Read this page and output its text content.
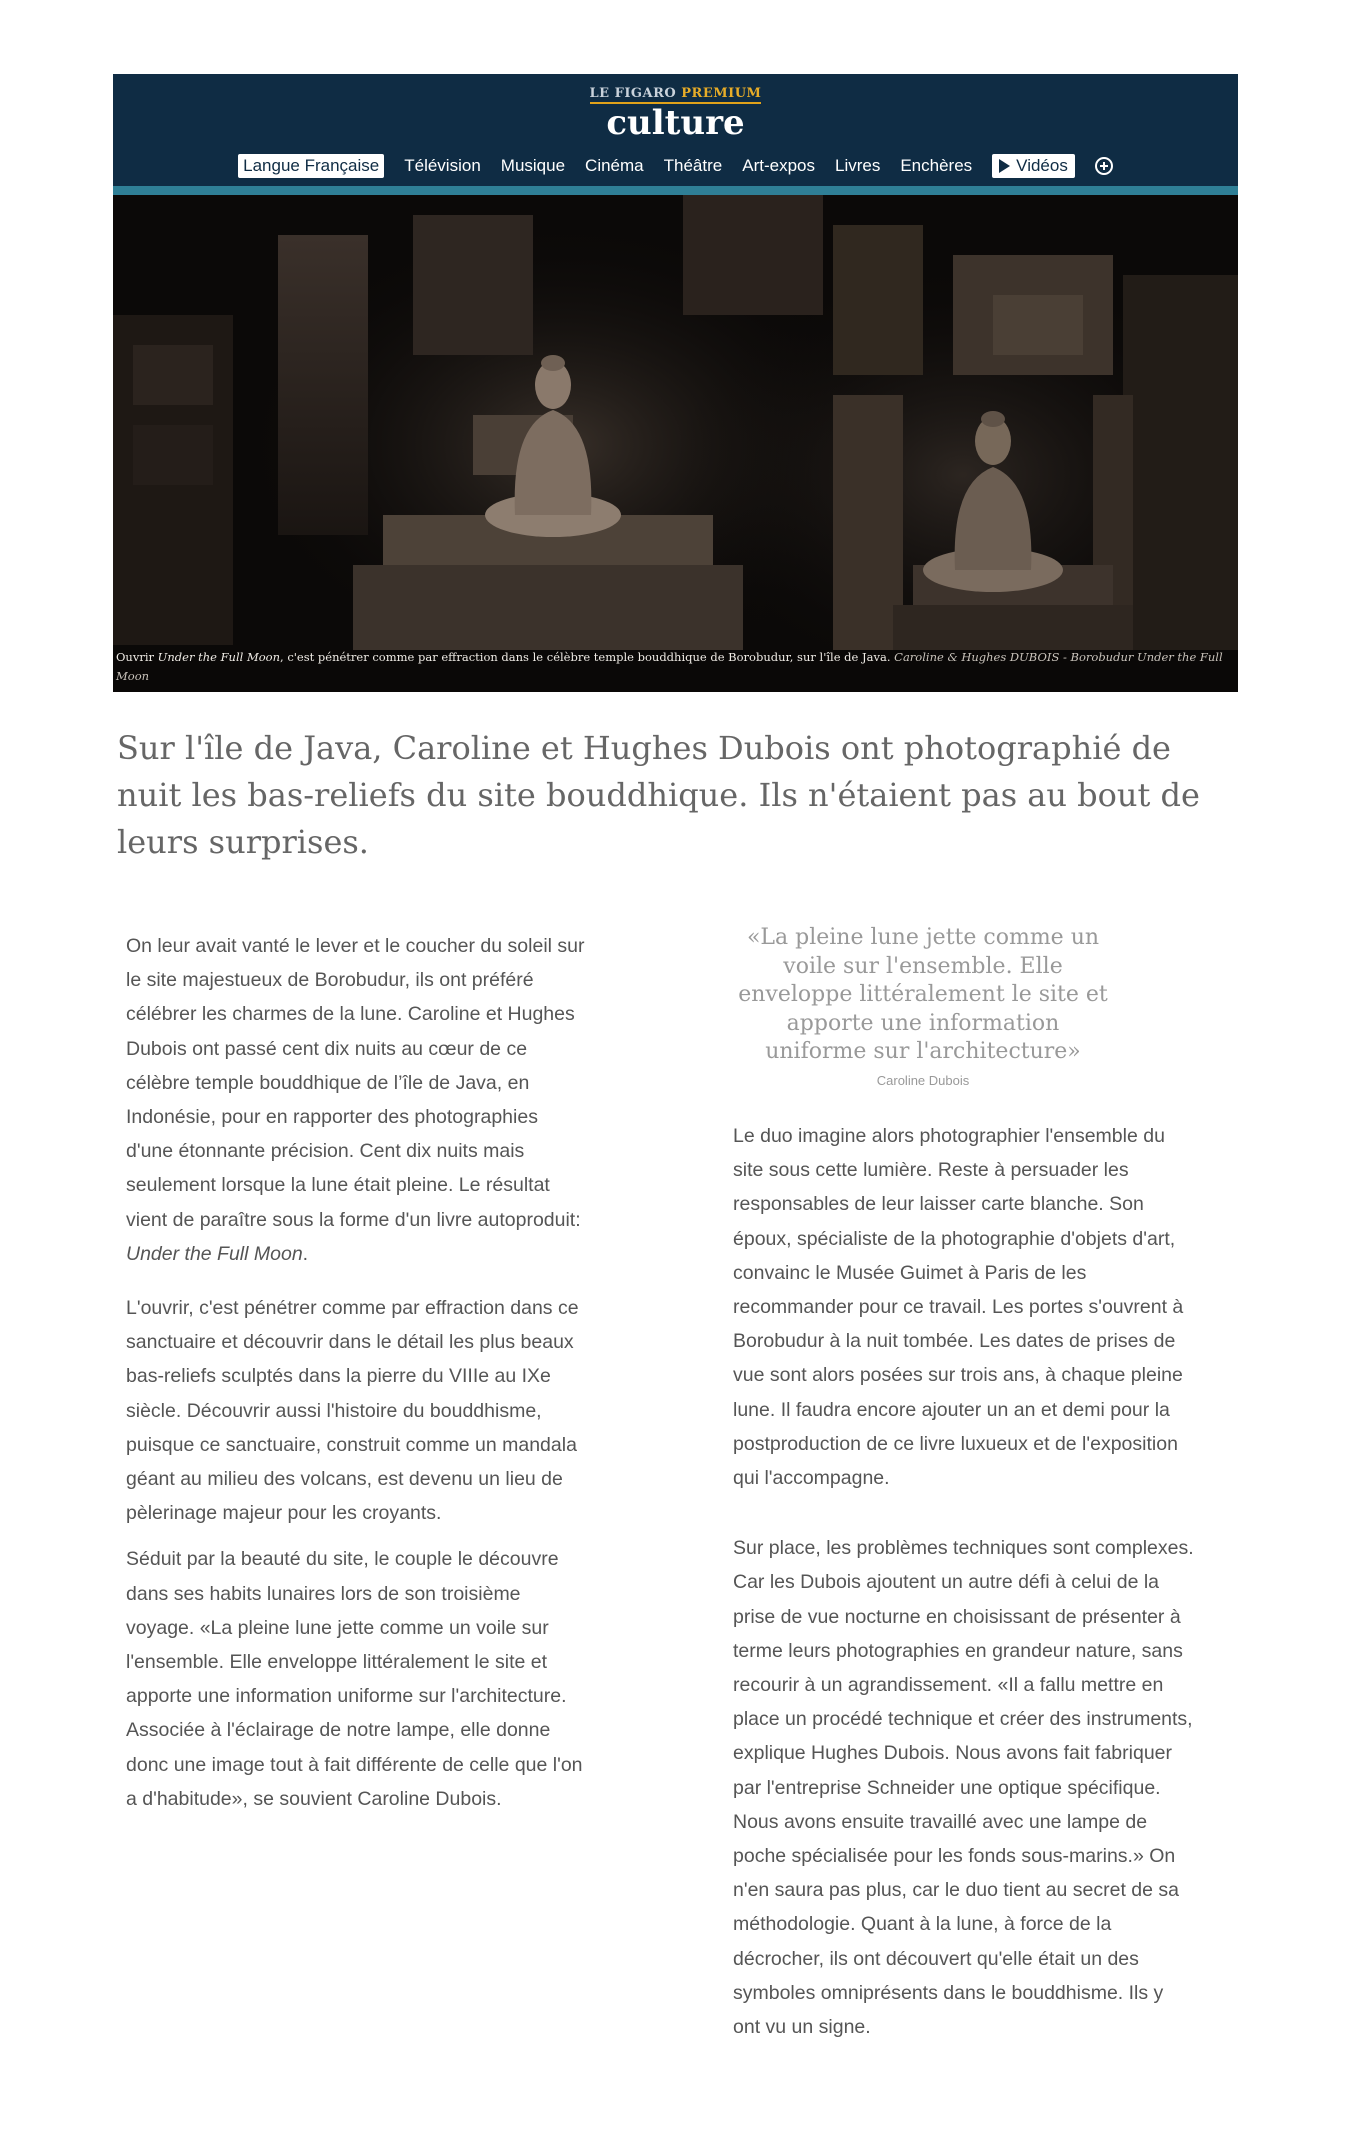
LE FIGARO PREMIUM
culture
Langue Française Télévision Musique Cinéma Théâtre Art-expos Livres Enchères	Vidéos
Ouvrir Under the Full Moon, c'est pénétrer comme par effraction dans le célèbre temple bouddhique de Borobudur, sur l'île de Java. Caroline & Hughes DUBOIS - Borobudur Under the Full Moon
Sur l'île de Java, Caroline et Hughes Dubois ont photographié de nuit les bas-reliefs du site bouddhique. Ils n'étaient pas au bout de leurs surprises.

On leur avait vanté le lever et le coucher du soleil sur le site majestueux de Borobudur, ils ont préféré célébrer les charmes de la lune. Caroline et Hughes Dubois ont passé cent dix nuits au cœur de ce célèbre temple bouddhique de l’île de Java, en Indonésie, pour en rapporter des photographies d'une étonnante précision. Cent dix nuits mais seulement lorsque la lune était pleine. Le résultat vient de paraître sous la forme d'un livre autoproduit: Under the Full Moon.

L'ouvrir, c'est pénétrer comme par effraction dans ce sanctuaire et découvrir dans le détail les plus beaux bas-reliefs sculptés dans la pierre du VIIIe au IXe siècle. Découvrir aussi l'histoire du bouddhisme, puisque ce sanctuaire, construit comme un mandala géant au milieu des volcans, est devenu un lieu de pèlerinage majeur pour les croyants.

Séduit par la beauté du site, le couple le découvre dans ses habits lunaires lors de son troisième voyage. «La pleine lune jette comme un voile sur l'ensemble. Elle enveloppe littéralement le site et apporte une information uniforme sur l'architecture. Associée à l'éclairage de notre lampe, elle donne donc une image tout à fait différente de celle que l'on a d'habitude», se souvient Caroline Dubois.

«La pleine lune jette comme un voile sur l'ensemble. Elle enveloppe littéralement le site et apporte une information uniforme sur l'architecture»
Caroline Dubois

Le duo imagine alors photographier l'ensemble du site sous cette lumière. Reste à persuader les responsables de leur laisser carte blanche. Son époux, spécialiste de la photographie d'objets d'art, convainc le Musée Guimet à Paris de les recommander pour ce travail. Les portes s'ouvrent à Borobudur à la nuit tombée. Les dates de prises de vue sont alors posées sur trois ans, à chaque pleine lune. Il faudra encore ajouter un an et demi pour la postproduction de ce livre luxueux et de l'exposition qui l'accompagne.

Sur place, les problèmes techniques sont complexes. Car les Dubois ajoutent un autre défi à celui de la prise de vue nocturne en choisissant de présenter à terme leurs photographies en grandeur nature, sans recourir à un agrandissement. «Il a fallu mettre en place un procédé technique et créer des instruments, explique Hughes Dubois. Nous avons fait fabriquer par l'entreprise Schneider une optique spécifique. Nous avons ensuite travaillé avec une lampe de poche spécialisée pour les fonds sous-marins.» On n'en saura pas plus, car le duo tient au secret de sa méthodologie. Quant à la lune, à force de la décrocher, ils ont découvert qu'elle était un des symboles omniprésents dans le bouddhisme. Ils y ont vu un signe.
